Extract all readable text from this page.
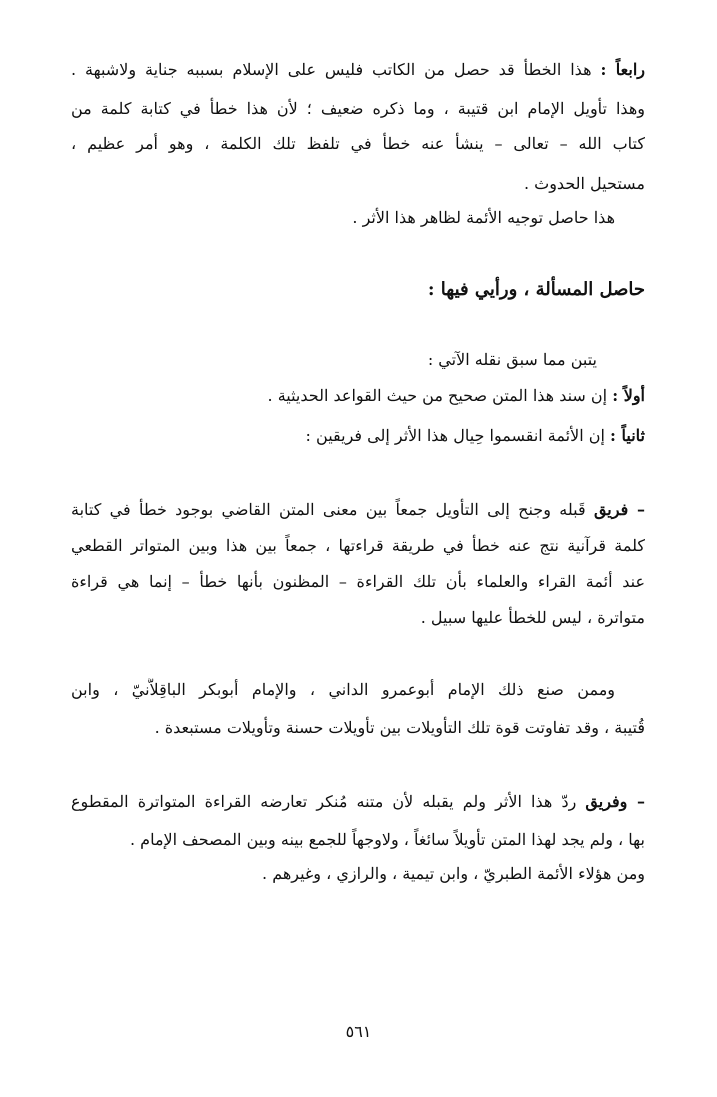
رابعاً : هذا الخطأ قد حصل من الكاتب فليس على الإسلام بسببه جناية ولاشبهة .
وهذا تأويل الإمام ابن قتيبة ، وما ذكره ضعيف ؛ لأن هذا خطأ في كتابة كلمة من
كتاب الله – تعالى – ينشأ عنه خطأ في تلفظ تلك الكلمة ، وهو أمر عظيم ،
مستحيل الحدوث .
هذا حاصل توجيه الأئمة لظاهر هذا الأثر .
حاصل المسألة ، ورأيي فيها :
يتبن مما سبق نقله الآتي :
أولاً : إن سند هذا المتن صحيح من حيث القواعد الحديثية .
ثانياً : إن الأئمة انقسموا حِيال هذا الأثر إلى فريقين :
– فريق قَبله وجنح إلى التأويل جمعاً بين معنى المتن القاضي بوجود خطأ في كتابة
كلمة قرآنية نتج عنه خطأ في طريقة قراءتها ، جمعاً بين هذا وبين المتواتر القطعي
عند أئمة القراء والعلماء بأن تلك القراءة – المظنون بأنها خطأ – إنما هي قراءة
متواترة ، ليس للخطأ عليها سبيل .
وممن صنع ذلك الإمام أبوعمرو الداني ، والإمام أبوبكر الباقِلاَّنيّ ، وابن
قُتيبة ، وقد تفاوتت قوة تلك التأويلات بين تأويلات حسنة وتأويلات مستبعدة .
– وفريق ردّ هذا الأثر ولم يقبله لأن متنه مُنكر تعارضه القراءة المتواترة المقطوع
بها ، ولم يجد لهذا المتن تأويلاً سائغاً ، ولاوجهاً للجمع بينه وبين المصحف الإمام .
ومن هؤلاء الأئمة الطبريّ ، وابن تيمية ، والرازي ، وغيرهم .
٥٦١
